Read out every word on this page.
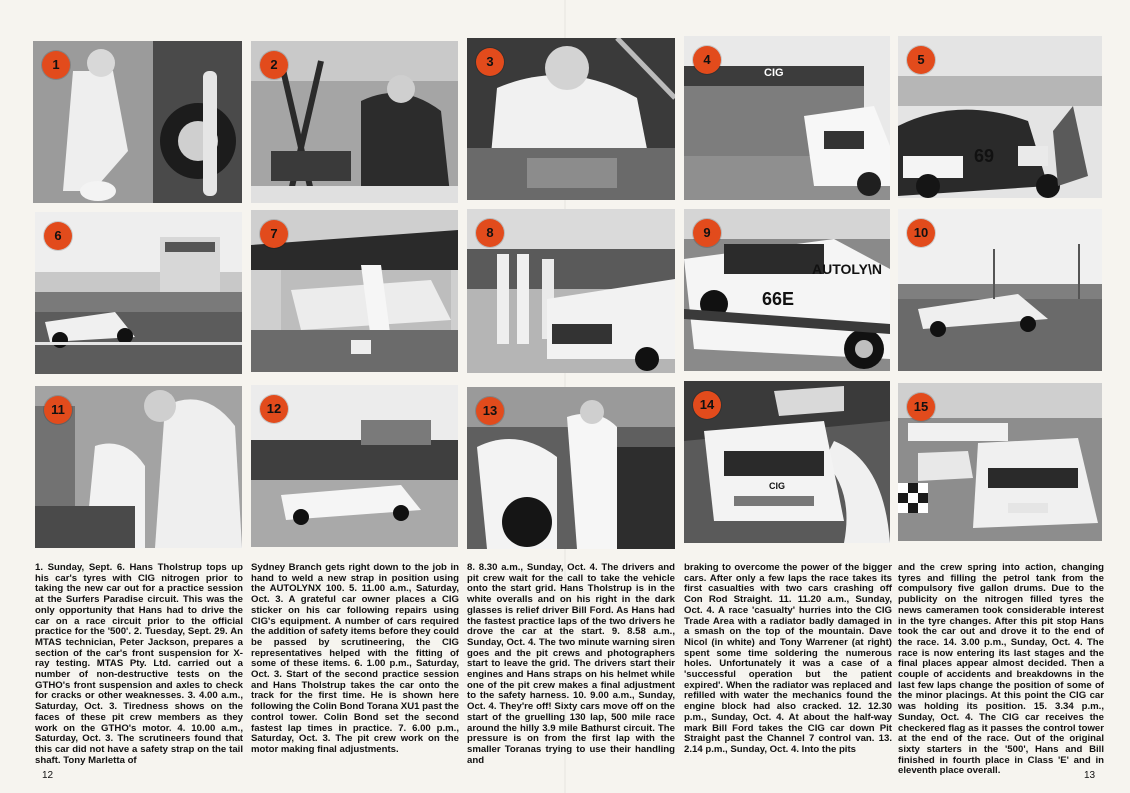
1	2	3	4
CIG
5
69
6	7	8	9
66E
AUTOLY\N
10
11	12	13	14
CIG
15

1. Sunday, Sept. 6. Hans Tholstrup tops up his car's tyres with CIG nitrogen prior to taking the new car out for a practice session at the Surfers Paradise circuit. This was the only opportunity that Hans had to drive the car on a race circuit prior to the official practice for the '500'. 2. Tuesday, Sept. 29. An MTAS technician, Peter Jackson, prepares a section of the car's front suspension for X-ray testing. MTAS Pty. Ltd. carried out a number of non-destructive tests on the GTHO's front suspension and axles to check for cracks or other weaknesses. 3. 4.00 a.m., Saturday, Oct. 3. Tiredness shows on the faces of these pit crew members as they work on the GTHO's motor. 4. 10.00 a.m., Saturday, Oct. 3. The scrutineers found that this car did not have a safety strap on the tail shaft. Tony Marletta of

Sydney Branch gets right down to the job in hand to weld a new strap in position using the AUTOLYNX 100. 5. 11.00 a.m., Saturday, Oct. 3. A grateful car owner places a CIG sticker on his car following repairs using CIG's equipment. A number of cars required the addition of safety items before they could be passed by scrutineering, the CIG representatives helped with the fitting of some of these items. 6. 1.00 p.m., Saturday, Oct. 3. Start of the second practice session and Hans Tholstrup takes the car onto the track for the first time. He is shown here following the Colin Bond Torana XU1 past the control tower. Colin Bond set the second fastest lap times in practice. 7. 6.00 p.m., Saturday, Oct. 3. The pit crew work on the motor making final adjustments.

8. 8.30 a.m., Sunday, Oct. 4. The drivers and pit crew wait for the call to take the vehicle onto the start grid. Hans Tholstrup is in the white overalls and on his right in the dark glasses is relief driver Bill Ford. As Hans had the fastest practice laps of the two drivers he drove the car at the start. 9. 8.58 a.m., Sunday, Oct. 4. The two minute warning siren goes and the pit crews and photographers start to leave the grid. The drivers start their engines and Hans straps on his helmet while one of the pit crew makes a final adjustment to the safety harness. 10. 9.00 a.m., Sunday, Oct. 4. They're off! Sixty cars move off on the start of the gruelling 130 lap, 500 mile race around the hilly 3.9 mile Bathurst circuit. The pressure is on from the first lap with the smaller Toranas trying to use their handling and

braking to overcome the power of the bigger cars. After only a few laps the race takes its first casualties with two cars crashing off Con Rod Straight. 11. 11.20 a.m., Sunday, Oct. 4. A race 'casualty' hurries into the CIG Trade Area with a radiator badly damaged in a smash on the top of the mountain. Dave Nicol (in white) and Tony Warrener (at right) spent some time soldering the numerous holes. Unfortunately it was a case of a 'successful operation but the patient expired'. When the radiator was replaced and refilled with water the mechanics found the engine block had also cracked. 12. 12.30 p.m., Sunday, Oct. 4. At about the half-way mark Bill Ford takes the CIG car down Pit Straight past the Channel 7 control van. 13. 2.14 p.m., Sunday, Oct. 4. Into the pits

and the crew spring into action, changing tyres and filling the petrol tank from the compulsory five gallon drums. Due to the publicity on the nitrogen filled tyres the news cameramen took considerable interest in the tyre changes. After this pit stop Hans took the car out and drove it to the end of the race. 14. 3.00 p.m., Sunday, Oct. 4. The race is now entering its last stages and the final places appear almost decided. Then a couple of accidents and breakdowns in the last few laps change the position of some of the minor placings. At this point the CIG car was holding its position. 15. 3.34 p.m., Sunday, Oct. 4. The CIG car receives the checkered flag as it passes the control tower at the end of the race. Out of the original sixty starters in the '500', Hans and Bill finished in fourth place in Class 'E' and in eleventh place overall.

12	13
